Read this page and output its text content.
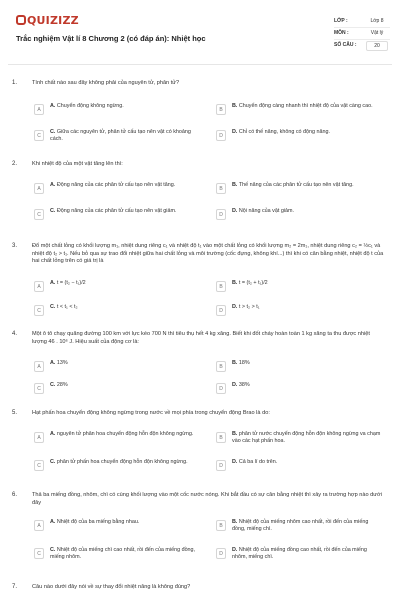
QUIZIZZ
Trắc nghiệm Vật lí 8 Chương 2 (có đáp án): Nhiệt học
LỚP :	Lớp 8
MÔN :	Vật lý
SỐ CÂU :	20
1.	Tính chất nào sau đây không phải của nguyên tử, phân tử?
A
A. Chuyển động không ngừng.
B
B. Chuyển động càng nhanh thì nhiệt độ của vật càng cao.
C
C. Giữa các nguyên tử, phân tử cấu tạo nên vật có khoảng cách.	D
D. Chỉ có thế năng, không có động năng.
2.	Khi nhiệt độ của một vật tăng lên thì:
A
A. Động năng của các phân tử cấu tạo nên vật tăng.
B
B. Thế năng của các phân tử cấu tạo nên vật tăng.
C
C. Động năng của các phân tử cấu tạo nên vật giảm.
D
D. Nội năng của vật giảm.
3.	Đổ một chất lỏng có khối lượng m₁, nhiệt dung riêng c₁ và nhiệt độ t₁ vào một chất lỏng có khối lượng m₂ = 2m₁, nhiệt dung riêng c₂ = ½c₁ và nhiệt độ t₂ > t₁. Nếu bỏ qua sự trao đổi nhiệt giữa hai chất lỏng và môi trường (cốc đựng, không khí...) thì khi có cân bằng nhiệt, nhiệt độ t của hai chất lỏng trên có giá trị là
A
A. t = (t₂ − t₁)/2
B
B. t = (t₂ + t₁)/2
C
C. t < t₁ < t₂
D
D. t > t₂ > t₁
4.	Một ô tô chạy quãng đường 100 km với lực kéo 700 N thì tiêu thụ hết 4 kg xăng. Biết khi đốt cháy hoàn toàn 1 kg xăng ta thu được nhiệt lượng 46 . 10⁶ J. Hiệu suất của động cơ là:
A
A. 13%
B
B. 18%
C
C. 28%
D
D. 38%
5.	Hạt phấn hoa chuyển động không ngừng trong nước về mọi phía trong chuyển động Brao là do:
A
A. nguyên tử phân hoa chuyển động hỗn độn không ngừng.
B
B. phân tử nước chuyển động hỗn độn không ngừng va chạm vào các hạt phấn hoa.
C
C. phân tử phấn hoa chuyển động hỗn độn không ngừng.
D
D. Cả ba lí do trên.
6.	Thả ba miếng đồng, nhôm, chì có cùng khối lượng vào một cốc nước nóng. Khi bắt đầu có sự cân bằng nhiệt thì xảy ra trường hợp nào dưới đây
A
A. Nhiệt độ của ba miếng bằng nhau.
B
B. Nhiệt độ của miếng nhôm cao nhất, rồi đến của miếng đồng, miếng chì.
C
C. Nhiệt độ của miếng chì cao nhất, rồi đến của miếng đồng, miếng nhôm.	D
D. Nhiệt độ của miếng đồng cao nhất, rồi đến của miếng nhôm, miếng chì.
7.	Câu nào dưới đây nói về sự thay đổi nhiệt năng là không đúng?
